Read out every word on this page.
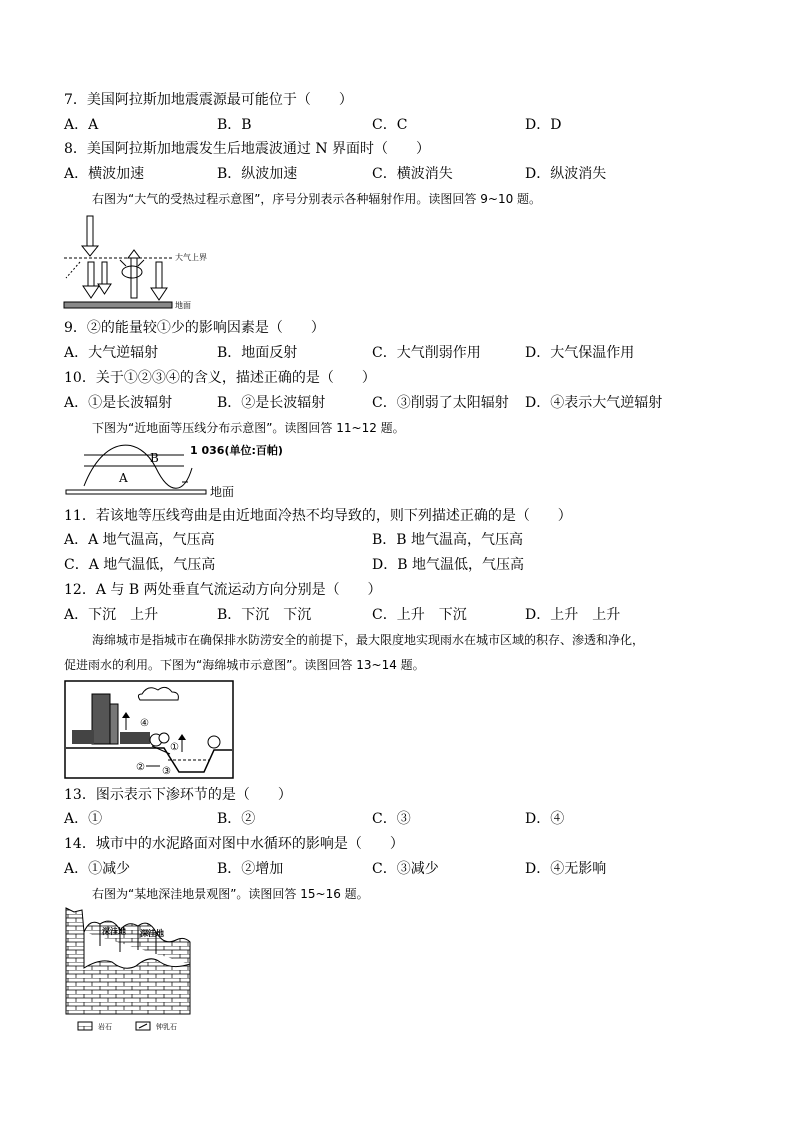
7．美国阿拉斯加地震震源最可能位于（　　）
A．A	B．B	C．C	D．D
8．美国阿拉斯加地震发生后地震波通过 N 界面时（　　）
A．横波加速	B．纵波加速	C．横波消失	D．纵波消失
右图为“大气的受热过程示意图”，序号分别表示各种辐射作用。读图回答 9~10 题。
大气上界
地面
9．②的能量较①少的影响因素是（　　）
A．大气逆辐射	B．地面反射	C．大气削弱作用	D．大气保温作用
10．关于①②③④的含义，描述正确的是（　　）
A．①是长波辐射	B．②是长波辐射	C．③削弱了太阳辐射 D．④表示大气逆辐射
下图为“近地面等压线分布示意图”。读图回答 11~12 题。
1 036(单位:百帕)
A
B
地面
11．若该地等压线弯曲是由近地面冷热不均导致的，则下列描述正确的是（　　）
A．A 地气温高，气压高	B．B 地气温高，气压高
C．A 地气温低，气压高	D．B 地气温低，气压高
12．A 与 B 两处垂直气流运动方向分别是（　　）
A．下沉　上升	B．下沉　下沉	C．上升　下沉	D．上升　上升
海绵城市是指城市在确保排水防涝安全的前提下，最大限度地实现雨水在城市区域的积存、渗透和净化，
促进雨水的利用。下图为“海绵城市示意图”。读图回答 13~14 题。
④
①
② ③
13．图示表示下渗环节的是（　　）
A．①	B．②	C．③	D．④
14．城市中的水泥路面对图中水循环的影响是（　　）
A．①减少	B．②增加	C．③减少	D．④无影响
右图为“某地深洼地景观图”。读图回答 15~16 题。
深洼地 深洼地
岩石	钟乳石
